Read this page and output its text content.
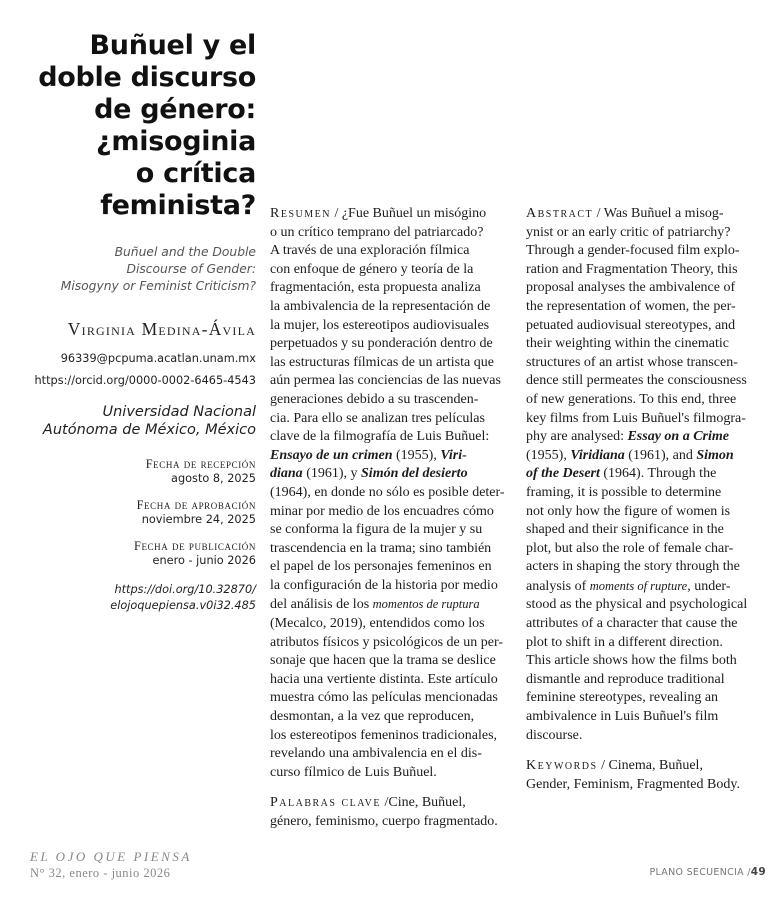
Buñuel y el
doble discurso
de género:
¿misoginia
o crítica
feminista?
Buñuel and the Double
Discourse of Gender:
Misogyny or Feminist Criticism?
Virginia Medina-Ávila
96339@pcpuma.acatlan.unam.mx
https://orcid.org/0000-0002-6465-4543
Universidad Nacional
Autónoma de México, México
Fecha de recepción
agosto 8, 2025
Fecha de aprobación
noviembre 24, 2025
Fecha de publicación
enero - junio 2026
https://doi.org/10.32870/
elojoquepiensa.v0i32.485
Resumen / ¿Fue Buñuel un misógino
o un crítico temprano del patriarcado?
A través de una exploración fílmica
con enfoque de género y teoría de la
fragmentación, esta propuesta analiza
la ambivalencia de la representación de
la mujer, los estereotipos audiovisuales
perpetuados y su ponderación dentro de
las estructuras fílmicas de un artista que
aún permea las conciencias de las nuevas
generaciones debido a su trascenden-
cia. Para ello se analizan tres películas
clave de la filmografía de Luis Buñuel:
Ensayo de un crimen (1955), Viri-
diana (1961), y Simón del desierto
(1964), en donde no sólo es posible deter-
minar por medio de los encuadres cómo
se conforma la figura de la mujer y su
trascendencia en la trama; sino también
el papel de los personajes femeninos en
la configuración de la historia por medio
del análisis de los momentos de ruptura
(Mecalco, 2019), entendidos como los
atributos físicos y psicológicos de un per-
sonaje que hacen que la trama se deslice
hacia una vertiente distinta. Este artículo
muestra cómo las películas mencionadas
desmontan, a la vez que reproducen,
los estereotipos femeninos tradicionales,
revelando una ambivalencia en el dis-
curso fílmico de Luis Buñuel.
Palabras clave /Cine, Buñuel,
género, feminismo, cuerpo fragmentado.
Abstract / Was Buñuel a misog-
ynist or an early critic of patriarchy?
Through a gender-focused film explo-
ration and Fragmentation Theory, this
proposal analyses the ambivalence of
the representation of women, the per-
petuated audiovisual stereotypes, and
their weighting within the cinematic
structures of an artist whose transcen-
dence still permeates the consciousness
of new generations. To this end, three
key films from Luis Buñuel's filmogra-
phy are analysed: Essay on a Crime
(1955), Viridiana (1961), and Simon
of the Desert (1964). Through the
framing, it is possible to determine
not only how the figure of women is
shaped and their significance in the
plot, but also the role of female char-
acters in shaping the story through the
analysis of moments of rupture, under-
stood as the physical and psychological
attributes of a character that cause the
plot to shift in a different direction.
This article shows how the films both
dismantle and reproduce traditional
feminine stereotypes, revealing an
ambivalence in Luis Buñuel's film
discourse.
Keywords / Cinema, Buñuel,
Gender, Feminism, Fragmented Body.
EL OJO QUE PIENSA
N° 32, enero - junio 2026	PLANO SECUENCIA /49
